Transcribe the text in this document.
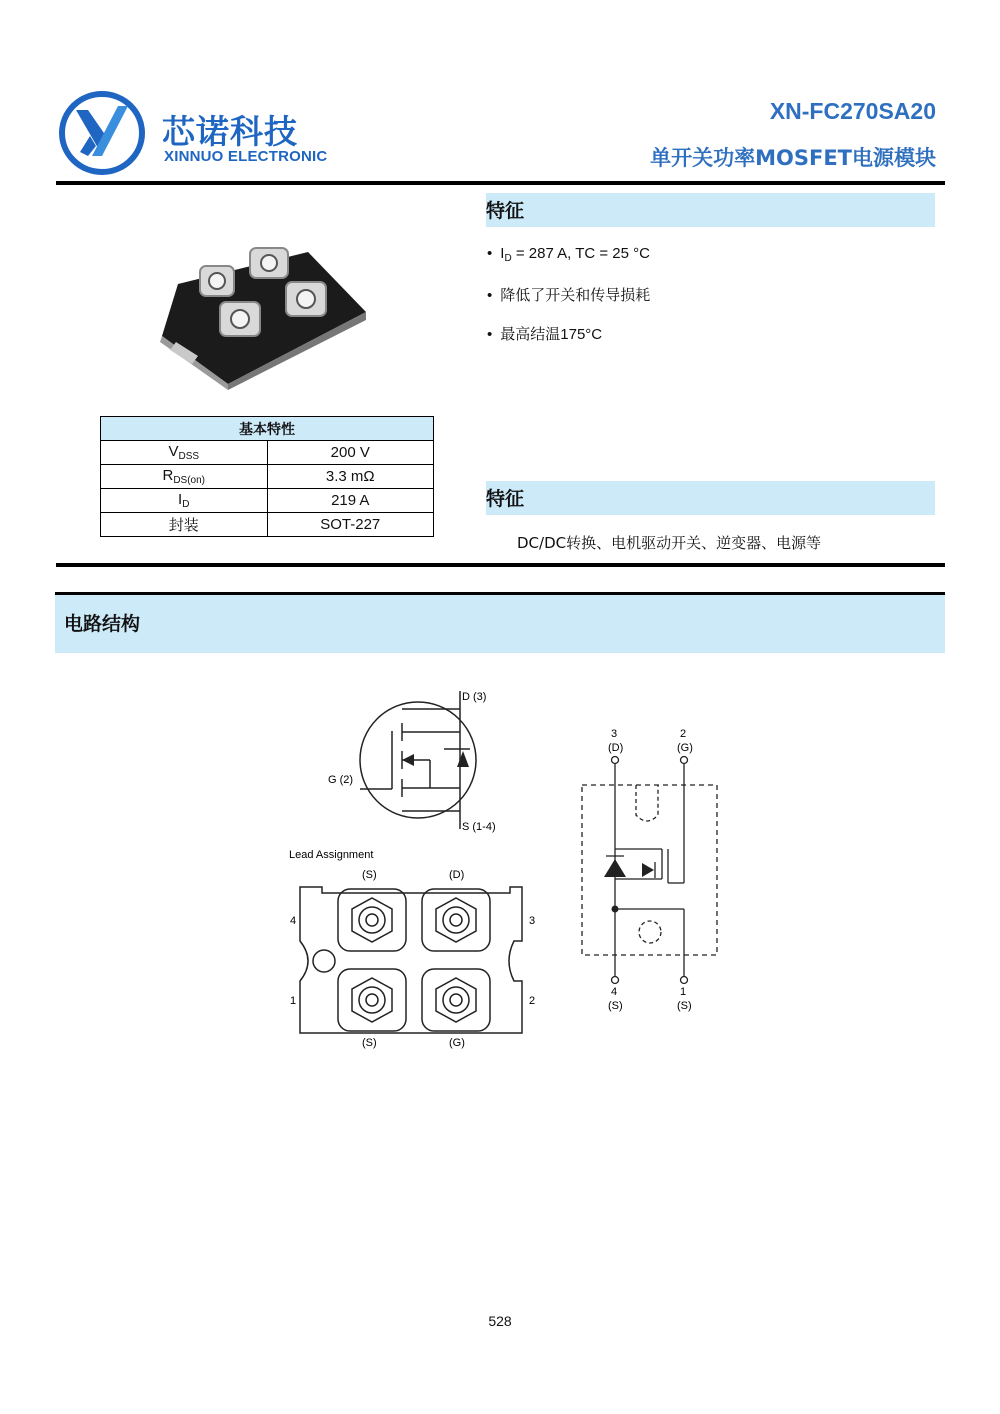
芯诺科技
XINNUO ELECTRONIC
XN-FC270SA20
单开关功率MOSFET电源模块
基本特性	
$V_{DSS}$	200 V
$R_{DS(on)}$	3.3 mΩ
$I_D$	219 A
封装	SOT-227
特征
• $I_D = 287$ A, TC = 25 °C
• 降低了开关和传导损耗
• 最高结温175°C
特征
DC/DC转换、电机驱动开关、逆变器、电源等
电路结构
D (3)
G (2)
S (1-4)
Lead Assignment
(S)	(D)
(S)	(G)
4
1
3
2
3
(D)
2
(G)
4
(S)
1
(S)
528
